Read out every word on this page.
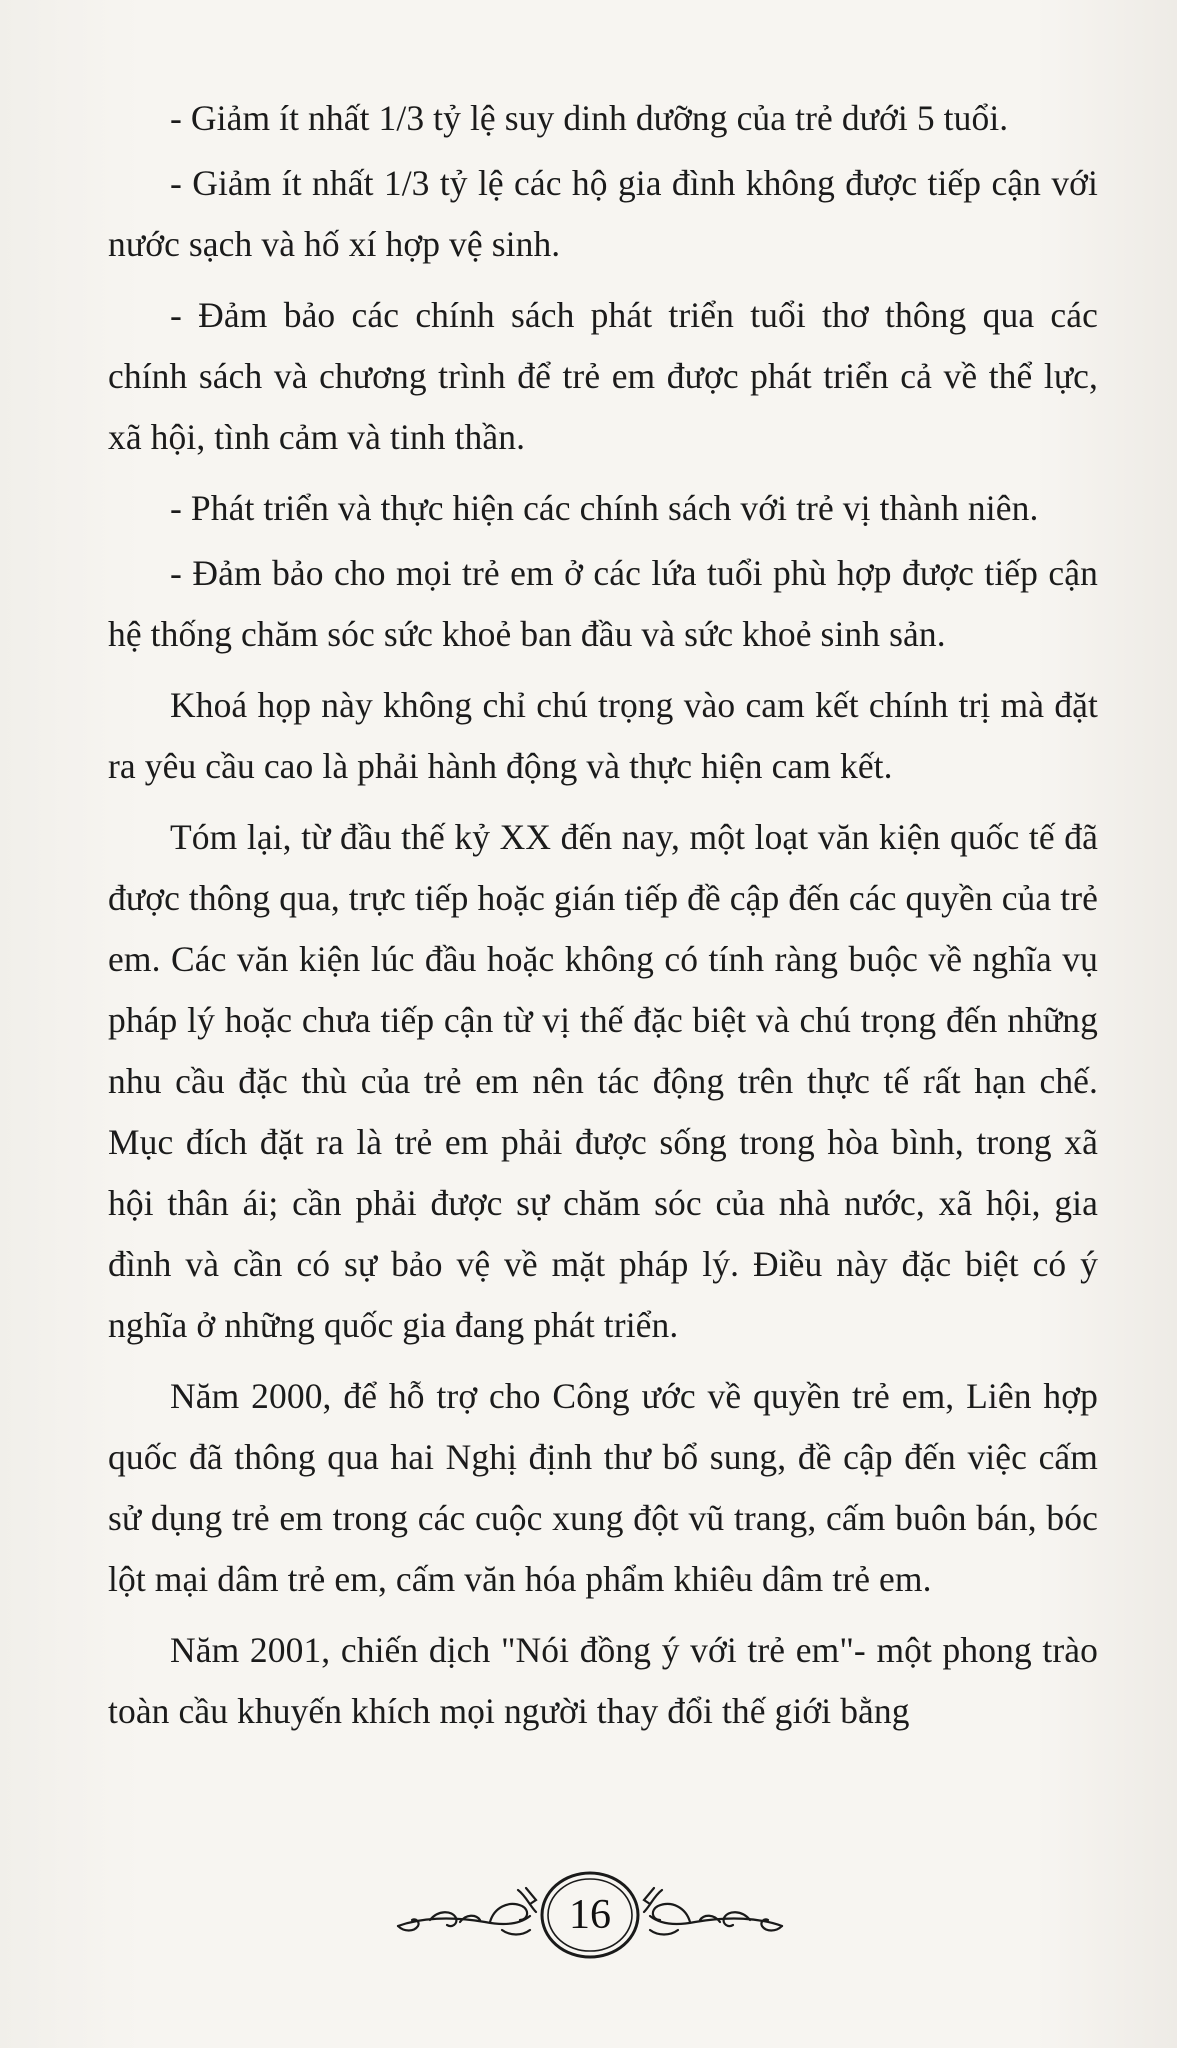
- Giảm ít nhất 1/3 tỷ lệ suy dinh dưỡng của trẻ dưới 5 tuổi.

- Giảm ít nhất 1/3 tỷ lệ các hộ gia đình không được tiếp cận với nước sạch và hố xí hợp vệ sinh.

- Đảm bảo các chính sách phát triển tuổi thơ thông qua các chính sách và chương trình để trẻ em được phát triển cả về thể lực, xã hội, tình cảm và tinh thần.

- Phát triển và thực hiện các chính sách với trẻ vị thành niên.

- Đảm bảo cho mọi trẻ em ở các lứa tuổi phù hợp được tiếp cận hệ thống chăm sóc sức khoẻ ban đầu và sức khoẻ sinh sản.

Khoá họp này không chỉ chú trọng vào cam kết chính trị mà đặt ra yêu cầu cao là phải hành động và thực hiện cam kết.

Tóm lại, từ đầu thế kỷ XX đến nay, một loạt văn kiện quốc tế đã được thông qua, trực tiếp hoặc gián tiếp đề cập đến các quyền của trẻ em. Các văn kiện lúc đầu hoặc không có tính ràng buộc về nghĩa vụ pháp lý hoặc chưa tiếp cận từ vị thế đặc biệt và chú trọng đến những nhu cầu đặc thù của trẻ em nên tác động trên thực tế rất hạn chế. Mục đích đặt ra là trẻ em phải được sống trong hòa bình, trong xã hội thân ái; cần phải được sự chăm sóc của nhà nước, xã hội, gia đình và cần có sự bảo vệ về mặt pháp lý. Điều này đặc biệt có ý nghĩa ở những quốc gia đang phát triển.

Năm 2000, để hỗ trợ cho Công ước về quyền trẻ em, Liên hợp quốc đã thông qua hai Nghị định thư bổ sung, đề cập đến việc cấm sử dụng trẻ em trong các cuộc xung đột vũ trang, cấm buôn bán, bóc lột mại dâm trẻ em, cấm văn hóa phẩm khiêu dâm trẻ em.

Năm 2001, chiến dịch "Nói đồng ý với trẻ em"- một phong trào toàn cầu khuyến khích mọi người thay đổi thế giới bằng

16
